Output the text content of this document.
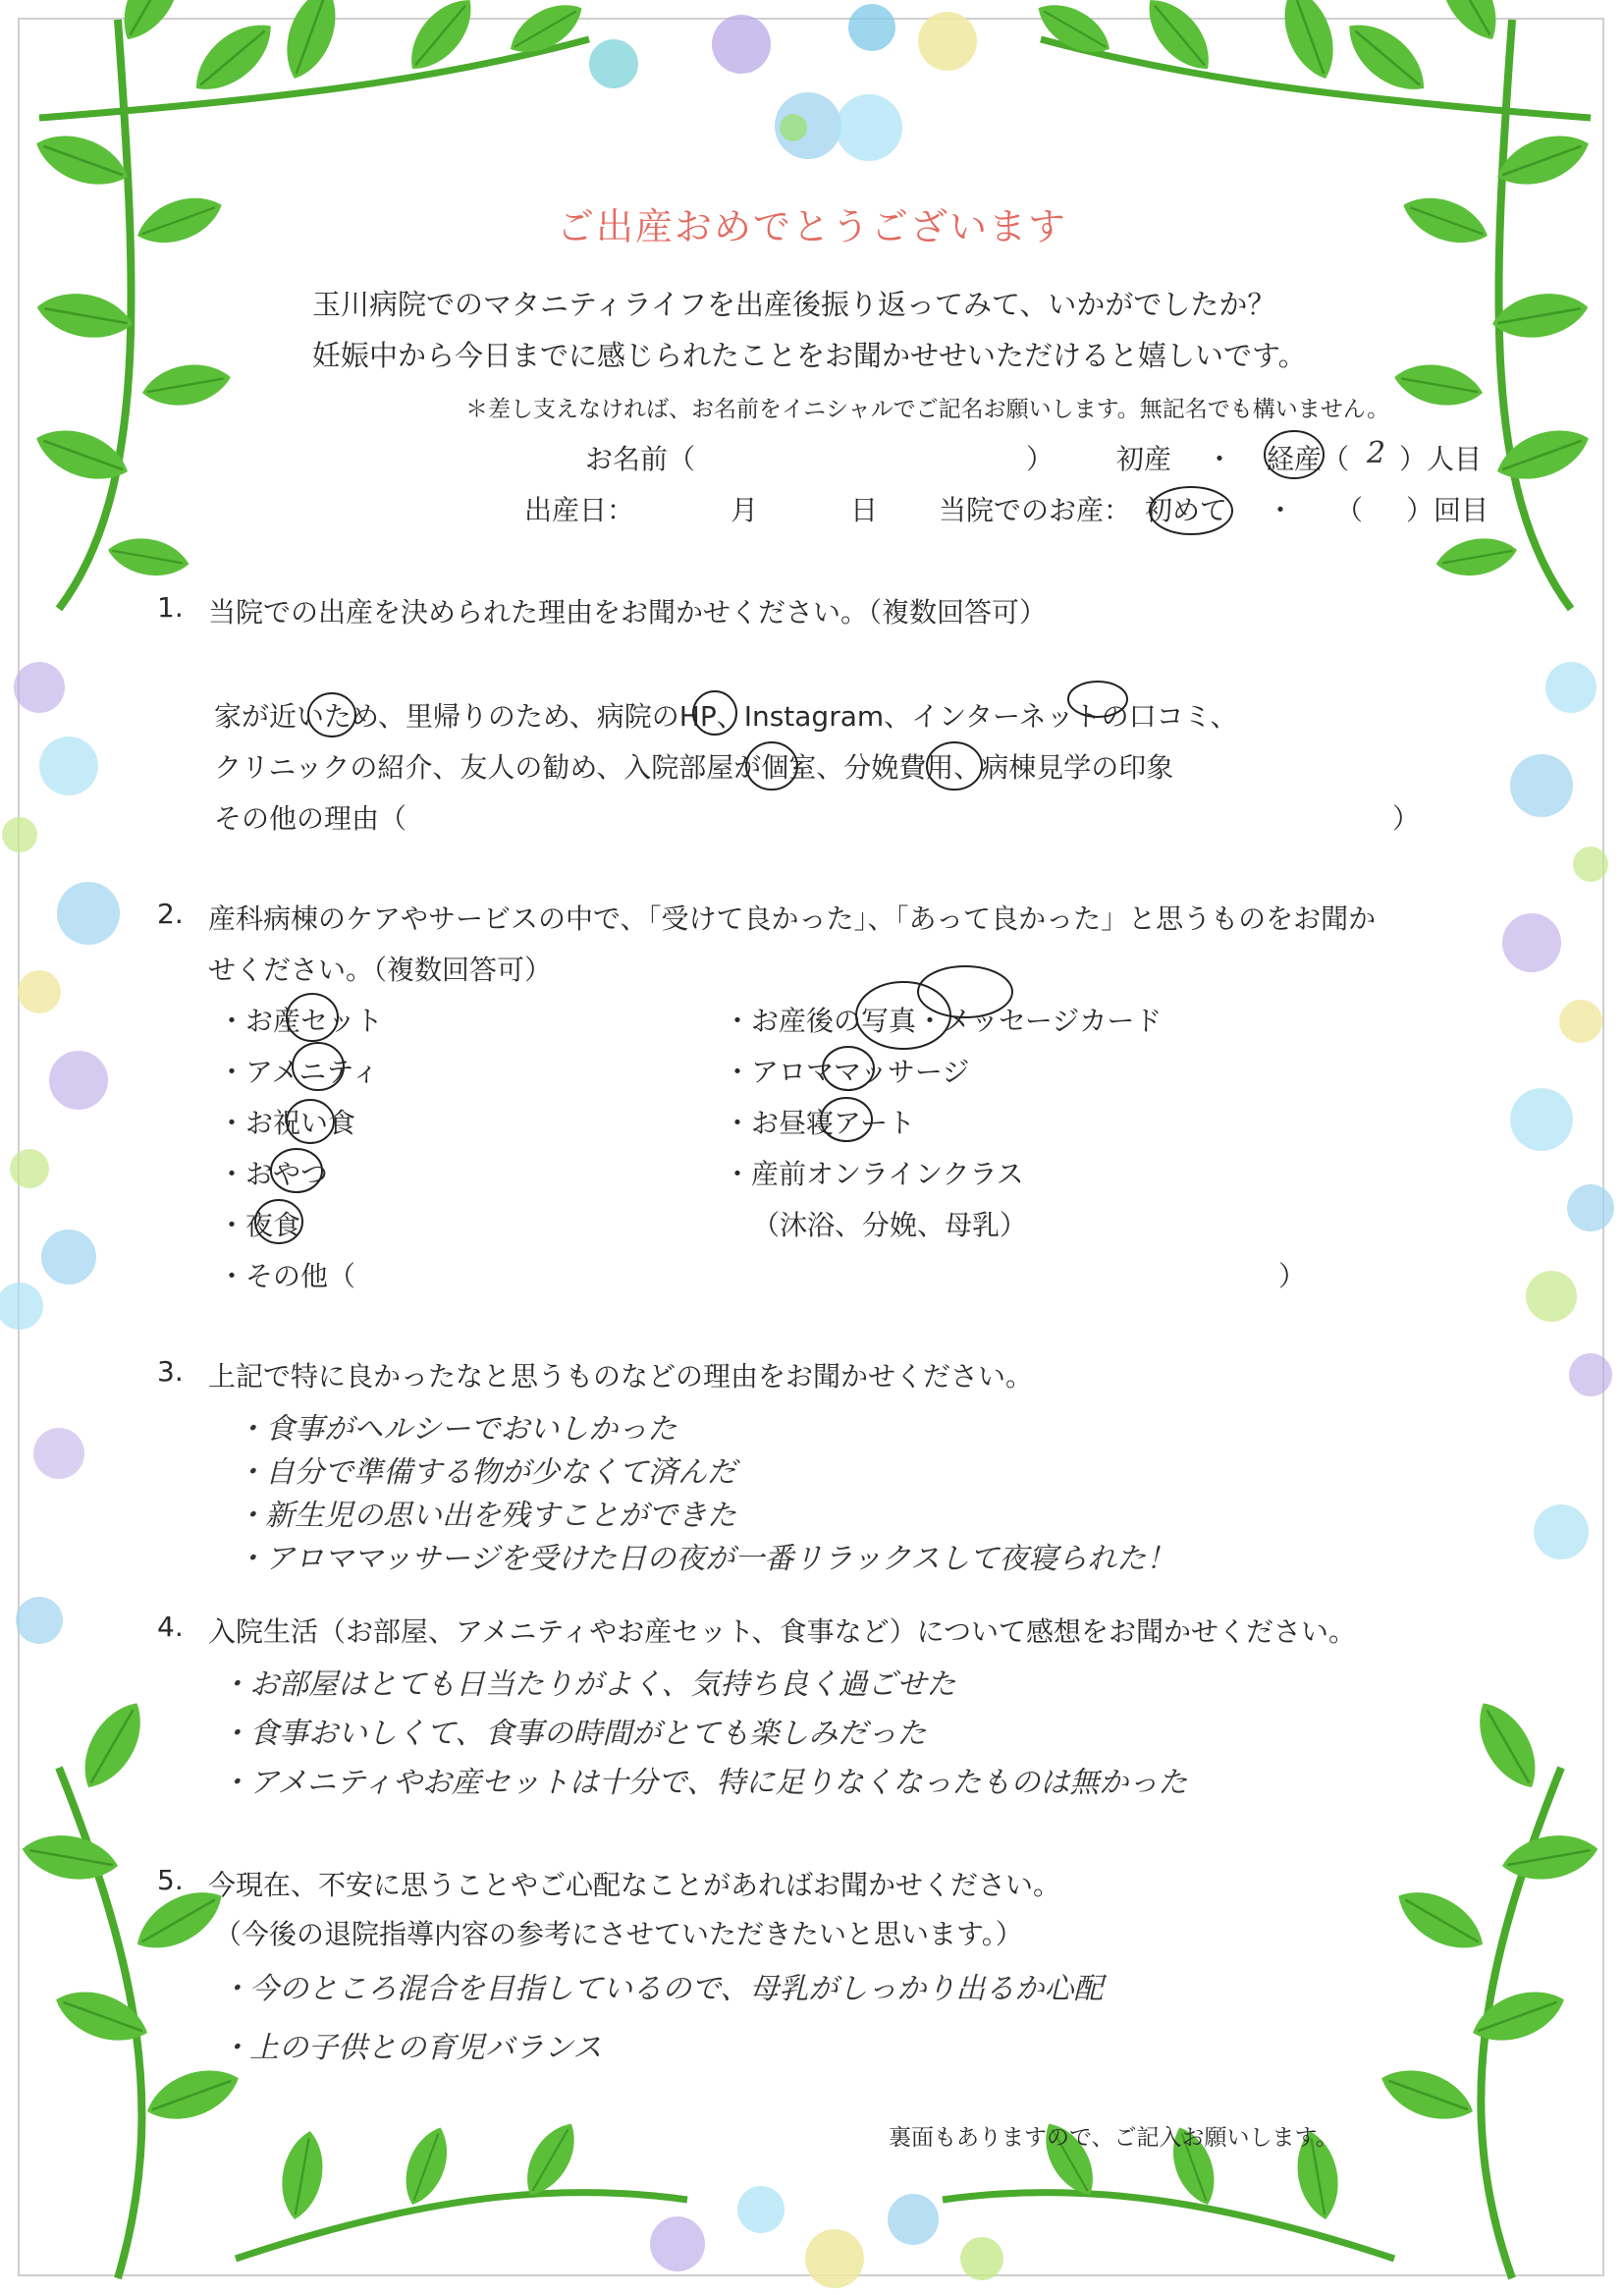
ご出産おめでとうございます
玉川病院でのマタニティライフを出産後振り返ってみて、いかがでしたか？
妊娠中から今日までに感じられたことをお聞かせせいただけると嬉しいです。
＊差し支えなければ、お名前をイニシャルでご記名お願いします。無記名でも構いません。
お名前（	） 初産 ・ 経産（ 2 ）人目
出産日：	月	日 当院でのお産： 初めて ・ （ ）回目
1. 当院での出産を決められた理由をお聞かせください。（複数回答可）
家が近いため、里帰りのため、病院のHP、Instagram、インターネットの口コミ、
クリニックの紹介、友人の勧め、入院部屋が個室、分娩費用、病棟見学の印象
その他の理由（	）
2. 産科病棟のケアやサービスの中で、「受けて良かった」、「あって良かった」と思うものをお聞か
せください。（複数回答可）
・お産セット
・アメニティ
・お祝い食
・おやつ
・夜食
・その他（	）
・お産後の写真・メッセージカード
・アロママッサージ
・お昼寝アート
・産前オンラインクラス
（沐浴、分娩、母乳）
3. 上記で特に良かったなと思うものなどの理由をお聞かせください。
・食事がヘルシーでおいしかった
・自分で準備する物が少なくて済んだ
・新生児の思い出を残すことができた
・アロママッサージを受けた日の夜が一番リラックスして夜寝られた！
4. 入院生活（お部屋、アメニティやお産セット、食事など）について感想をお聞かせください。
・お部屋はとても日当たりがよく、気持ち良く過ごせた
・食事おいしくて、食事の時間がとても楽しみだった
・アメニティやお産セットは十分で、特に足りなくなったものは無かった
5. 今現在、不安に思うことやご心配なことがあればお聞かせください。
（今後の退院指導内容の参考にさせていただきたいと思います。）
・今のところ混合を目指しているので、母乳がしっかり出るか心配
・上の子供との育児バランス
裏面もありますので、ご記入お願いします。
